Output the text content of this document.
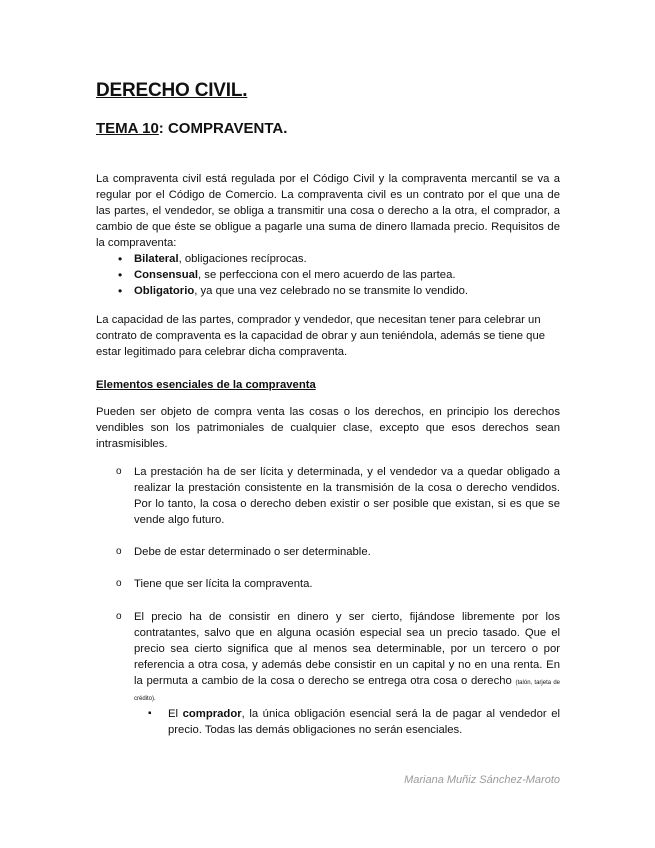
DERECHO CIVIL.
TEMA 10: COMPRAVENTA.

La compraventa civil está regulada por el Código Civil y la compraventa mercantil se va a regular por el Código de Comercio. La compraventa civil es un contrato por el que una de las partes, el vendedor, se obliga a transmitir una cosa o derecho a la otra, el comprador, a cambio de que éste se obligue a pagarle una suma de dinero llamada precio. Requisitos de la compraventa:

• Bilateral, obligaciones recíprocas.
• Consensual, se perfecciona con el mero acuerdo de las partea.
• Obligatorio, ya que una vez celebrado no se transmite lo vendido.

La capacidad de las partes, comprador y vendedor, que necesitan tener para celebrar un contrato de compraventa es la capacidad de obrar y aun teniéndola, además se tiene que estar legitimado para celebrar dicha compraventa.

Elementos esenciales de la compraventa

Pueden ser objeto de compra venta las cosas o los derechos, en principio los derechos vendibles son los patrimoniales de cualquier clase, excepto que esos derechos sean intrasmisibles.

o La prestación ha de ser lícita y determinada, y el vendedor va a quedar obligado a realizar la prestación consistente en la transmisión de la cosa o derecho vendidos. Por lo tanto, la cosa o derecho deben existir o ser posible que existan, si es que se vende algo futuro.
o Debe de estar determinado o ser determinable.
o Tiene que ser lícita la compraventa.
o El precio ha de consistir en dinero y ser cierto, fijándose libremente por los contratantes, salvo que en alguna ocasión especial sea un precio tasado. Que el precio sea cierto significa que al menos sea determinable, por un tercero o por referencia a otra cosa, y además debe consistir en un capital y no en una renta. En la permuta a cambio de la cosa o derecho se entrega otra cosa o derecho (talón, tarjeta de crédito).
▪ El comprador, la única obligación esencial será la de pagar al vendedor el precio. Todas las demás obligaciones no serán esenciales.
Mariana Muñiz Sánchez-Maroto
